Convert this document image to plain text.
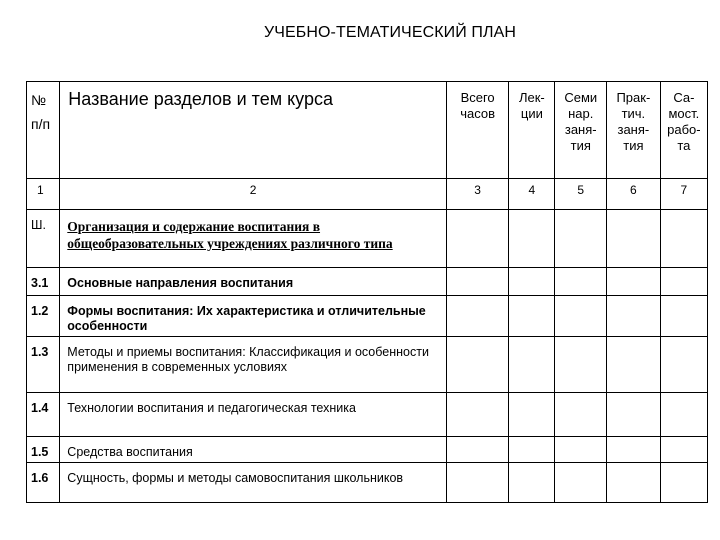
УЧЕБНО-ТЕМАТИЧЕСКИЙ ПЛАН
№ п/п	Название разделов и тем курса	Всего часов	Лек- ции	Семи нар. заня- тия	Прак- тич. заня- тия	Са- мост. рабо- та
1	2	3	4	5	6	7
Ш.	Организация и содержание воспитания в общеобразовательных учреждениях различного типа					
3.1	Основные направления воспитания					
1.2	Формы воспитания: Их характеристика и отличительные особенности					
1.3	Методы и приемы воспитания: Классификация и особенности применения в современных условиях					
1.4	Технологии воспитания и педагогическая техника					
1.5	Средства воспитания					
1.6	Сущность, формы и методы самовоспитания школьников					
